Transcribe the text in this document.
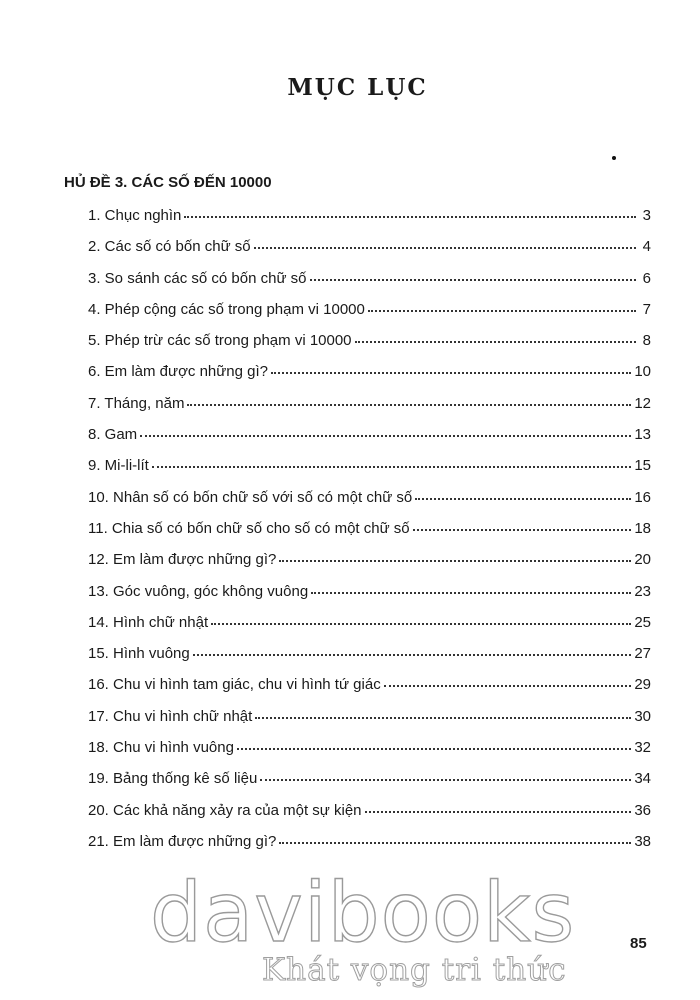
MỤC LỤC
HỦ ĐỀ 3. CÁC SỐ ĐẾN 10000
1. Chục nghìn	3
2. Các số có bốn chữ số	4
3. So sánh các số có bốn chữ số	6
4. Phép cộng các số trong phạm vi 10000	7
5. Phép trừ các số trong phạm vi 10000	8
6. Em làm được những gì?	10
7. Tháng, năm	12
8. Gam	13
9. Mi-li-lít	15
10. Nhân số có bốn chữ số với số có một chữ số	16
11. Chia số có bốn chữ số cho số có một chữ số	18
12. Em làm được những gì?	20
13. Góc vuông, góc không vuông	23
14. Hình chữ nhật	25
15. Hình vuông	27
16. Chu vi hình tam giác, chu vi hình tứ giác	29
17. Chu vi hình chữ nhật	30
18. Chu vi hình vuông	32
19. Bảng thống kê số liệu	34
20. Các khả năng xảy ra của một sự kiện	36
21. Em làm được những gì?	38
davibooks
Khát vọng tri thức
85
